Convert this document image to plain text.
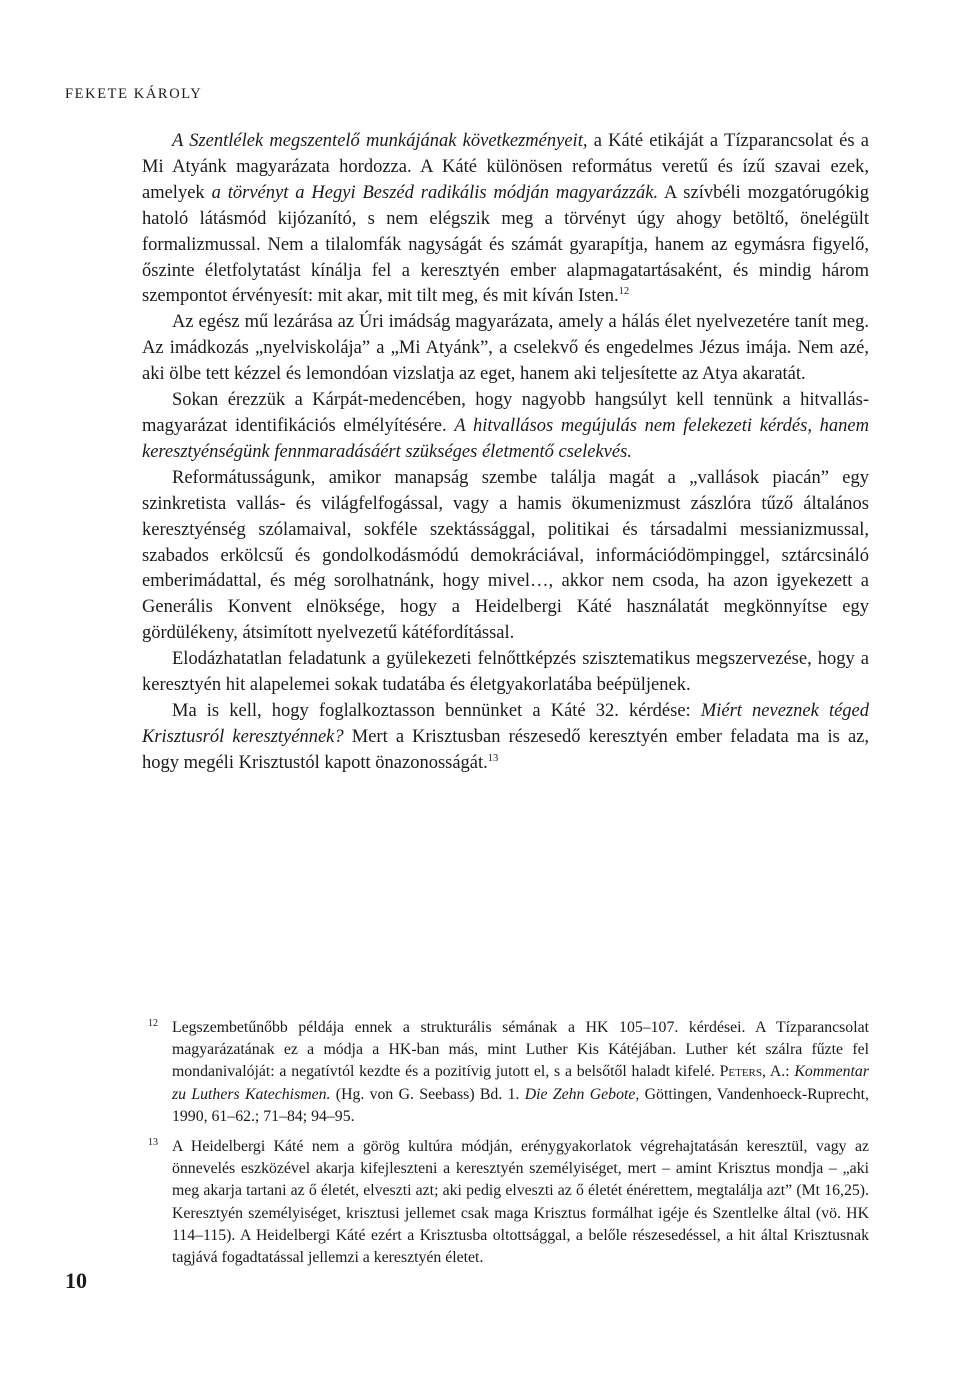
FEKETE KÁROLY

A Szentlélek megszentelő munkájának következményeit, a Káté etikáját a Tízparancsolat és a Mi Atyánk magyarázata hordozza. A Káté különösen református veretű és ízű szavai ezek, amelyek a törvényt a Hegyi Beszéd radikális módján magyarázzák. A szívbéli mozgatórugókig hatoló látásmód kijózanító, s nem elégszik meg a törvényt úgy ahogy betöltő, önelégült formalizmussal. Nem a tilalomfák nagyságát és számát gyarapítja, hanem az egymásra figyelő, őszinte életfolytatást kínálja fel a keresztyén ember alapmagatartásaként, és mindig három szempontot érvényesít: mit akar, mit tilt meg, és mit kíván Isten.$^{12}$

Az egész mű lezárása az Úri imádság magyarázata, amely a hálás élet nyelvezetére tanít meg. Az imádkozás „nyelviskolája” a „Mi Atyánk”, a cselekvő és engedelmes Jézus imája. Nem azé, aki ölbe tett kézzel és lemondóan vizslatja az eget, hanem aki teljesítette az Atya akaratát.

Sokan érezzük a Kárpát-medencében, hogy nagyobb hangsúlyt kell tennünk a hitvallás-magyarázat identifikációs elmélyítésére. A hitvallásos megújulás nem felekezeti kérdés, hanem keresztyénségünk fennmaradásáért szükséges életmentő cselekvés.

Reformátusságunk, amikor manapság szembe találja magát a „vallások piacán” egy szinkretista vallás- és világfelfogással, vagy a hamis ökumenizmust zászlóra tűző általános keresztyénség szólamaival, sokféle szektássággal, politikai és társadalmi messianizmussal, szabados erkölcsű és gondolkodásmódú demokráciával, információdömpinggel, sztárcsináló emberimádattal, és még sorolhatnánk, hogy mivel…, akkor nem csoda, ha azon igyekezett a Generális Konvent elnöksége, hogy a Heidelbergi Káté használatát megkönnyítse egy gördülékeny, átsimított nyelvezetű kátéfordítással.

Elodázhatatlan feladatunk a gyülekezeti felnőttképzés szisztematikus megszervezése, hogy a keresztyén hit alapelemei sokak tudatába és életgyakorlatába beépüljenek.

Ma is kell, hogy foglalkoztasson bennünket a Káté 32. kérdése: Miért neveznek téged Krisztusról keresztyénnek? Mert a Krisztusban részesedő keresztyén ember feladata ma is az, hogy megéli Krisztustól kapott önazonosságát.$^{13}$

12 Legszembetűnőbb példája ennek a strukturális sémának a HK 105–107. kérdései. A Tízparancsolat magyarázatának ez a módja a HK-ban más, mint Luther Kis Kátéjában. Luther két szálra fűzte fel mondanivalóját: a negatívtól kezdte és a pozitívig jutott el, s a belsőtől haladt kifelé. Peters, A.: Kommentar zu Luthers Katechismen. (Hg. von G. Seebass) Bd. 1. Die Zehn Gebote, Göttingen, Vandenhoeck-Ruprecht, 1990, 61–62.; 71–84; 94–95.
13 A Heidelbergi Káté nem a görög kultúra módján, erénygyakorlatok végrehajtatásán keresztül, vagy az önnevelés eszközével akarja kifejleszteni a keresztyén személyiséget, mert – amint Krisztus mondja – „aki meg akarja tartani az ő életét, elveszti azt; aki pedig elveszti az ő életét énérettem, megtalálja azt” (Mt 16,25). Keresztyén személyiséget, krisztusi jellemet csak maga Krisztus formálhat igéje és Szentlelke által (vö. HK 114–115). A Heidelbergi Káté ezért a Krisztusba oltottsággal, a belőle részesedéssel, a hit által Krisztusnak tagjává fogadtatással jellemzi a keresztyén életet.
10
